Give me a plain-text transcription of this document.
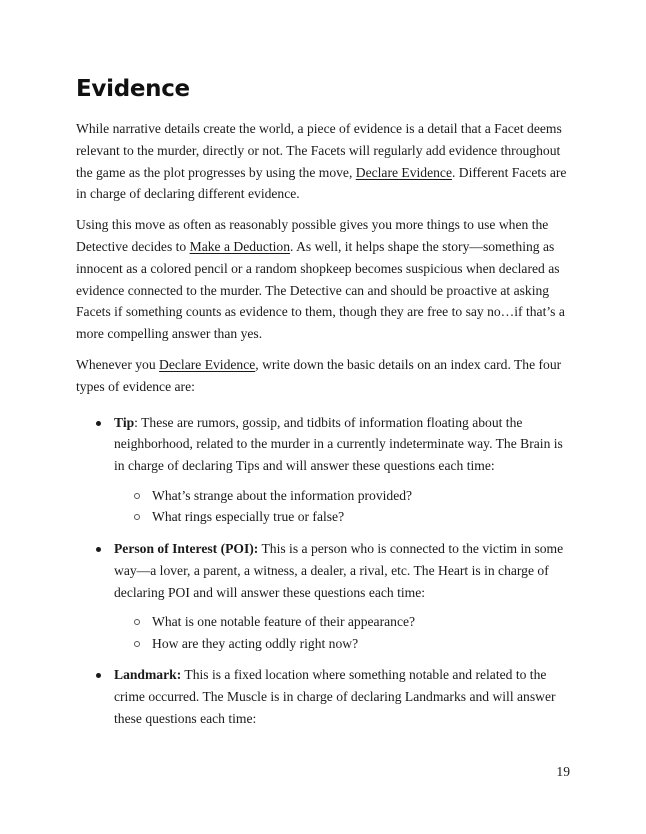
Evidence

While narrative details create the world, a piece of evidence is a detail that a Facet deems relevant to the murder, directly or not. The Facets will regularly add evidence throughout the game as the plot progresses by using the move, Declare Evidence. Different Facets are in charge of declaring different evidence.

Using this move as often as reasonably possible gives you more things to use when the Detective decides to Make a Deduction. As well, it helps shape the story—something as innocent as a colored pencil or a random shopkeep becomes suspicious when declared as evidence connected to the murder. The Detective can and should be proactive at asking Facets if something counts as evidence to them, though they are free to say no…if that’s a more compelling answer than yes.

Whenever you Declare Evidence, write down the basic details on an index card. The four types of evidence are:

Tip: These are rumors, gossip, and tidbits of information floating about the neighborhood, related to the murder in a currently indeterminate way. The Brain is in charge of declaring Tips and will answer these questions each time:
What’s strange about the information provided?
What rings especially true or false?
Person of Interest (POI): This is a person who is connected to the victim in some way—a lover, a parent, a witness, a dealer, a rival, etc. The Heart is in charge of declaring POI and will answer these questions each time:
What is one notable feature of their appearance?
How are they acting oddly right now?
Landmark: This is a fixed location where something notable and related to the crime occurred. The Muscle is in charge of declaring Landmarks and will answer these questions each time:
19
